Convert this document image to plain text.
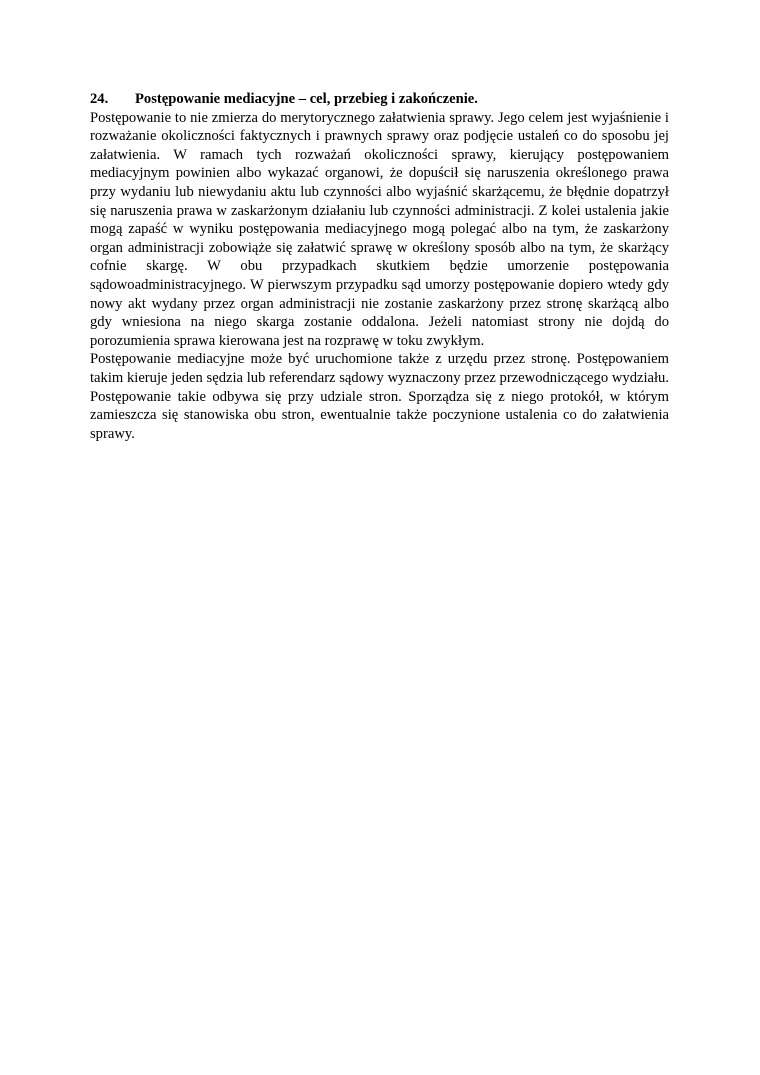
24. Postępowanie mediacyjne – cel, przebieg i zakończenie.

Postępowanie to nie zmierza do merytorycznego załatwienia sprawy. Jego celem jest wyjaśnienie i rozważanie okoliczności faktycznych i prawnych sprawy oraz podjęcie ustaleń co do sposobu jej załatwienia. W ramach tych rozważań okoliczności sprawy, kierujący postępowaniem mediacyjnym powinien albo wykazać organowi, że dopuścił się naruszenia określonego prawa przy wydaniu lub niewydaniu aktu lub czynności albo wyjaśnić skarżącemu, że błędnie dopatrzył się naruszenia prawa w zaskarżonym działaniu lub czynności administracji. Z kolei ustalenia jakie mogą zapaść w wyniku postępowania mediacyjnego mogą polegać albo na tym, że zaskarżony organ administracji zobowiąże się załatwić sprawę w określony sposób albo na tym, że skarżący cofnie skargę. W obu przypadkach skutkiem będzie umorzenie postępowania sądowoadministracyjnego. W pierwszym przypadku sąd umorzy postępowanie dopiero wtedy gdy nowy akt wydany przez organ administracji nie zostanie zaskarżony przez stronę skarżącą albo gdy wniesiona na niego skarga zostanie oddalona. Jeżeli natomiast strony nie dojdą do porozumienia sprawa kierowana jest na rozprawę w toku zwykłym.

Postępowanie mediacyjne może być uruchomione także z urzędu przez stronę. Postępowaniem takim kieruje jeden sędzia lub referendarz sądowy wyznaczony przez przewodniczącego wydziału. Postępowanie takie odbywa się przy udziale stron. Sporządza się z niego protokół, w którym zamieszcza się stanowiska obu stron, ewentualnie także poczynione ustalenia co do załatwienia sprawy.
